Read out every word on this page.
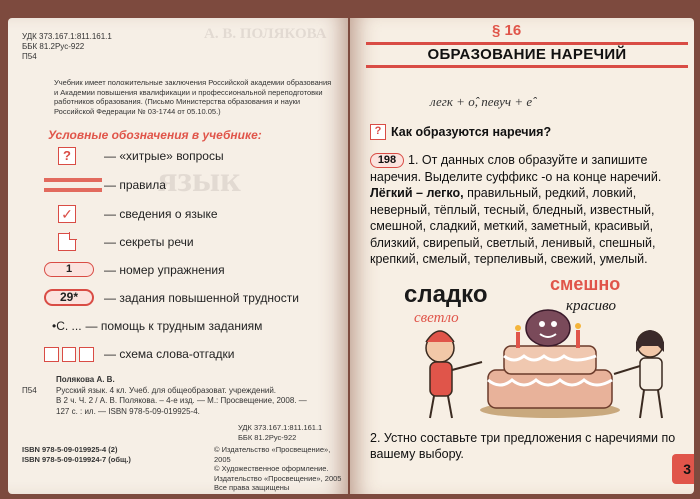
А. В. ПОЛЯКОВА
язык
УДК 373.167.1:811.161.1
ББК 81.2Рус-922
П54
Учебник имеет положительные заключения Российской академии образования и Академии повышения квалификации и профессиональной переподготовки работников образования. (Письмо Министерства образования и науки Российской Федерации № 03-1744 от 05.10.05.)
Условные обозначения в учебнике:
?	— «хитрые» вопросы
— правила
✓	— сведения о языке
— секреты речи
1	— номер упражнения
29*	— задания повышенной трудности
•С. ... — помощь к трудным заданиям
— схема слова-отгадки
Полякова А. В.
П54	Русский язык. 4 кл. Учеб. для общеобразоват. учреждений.
В 2 ч. Ч. 2 / А. В. Полякова. – 4-е изд. — М.: Просвещение, 2008. —
127 с. : ил. — ISBN 978-5-09-019925-4.
УДК 373.167.1:811.161.1
ББК 81.2Рус-922
ISBN 978-5-09-019925-4 (2)
ISBN 978-5-09-019924-7 (общ.)
© Издательство «Просвещение», 2005
© Художественное оформление.
Издательство «Просвещение», 2005
Все права защищены
§ 16
ОБРАЗОВАНИЕ НАРЕЧИЙ
легк + о̂, певуч + е̂
? Как образуются наречия?
198 1. От данных слов образуйте и запишите наречия. Выделите суффикс -о на конце наречий. Лёгкий – легко, правильный, редкий, ловкий, неверный, тёплый, тесный, бледный, известный, смешной, сладкий, меткий, заметный, красивый, близкий, свирепый, светлый, ленивый, спешный, крепкий, смелый, терпеливый, свежий, умелый.
сладко	смешно
светло
красиво
2. Устно составьте три предложения с наречиями по вашему выбору.
3
